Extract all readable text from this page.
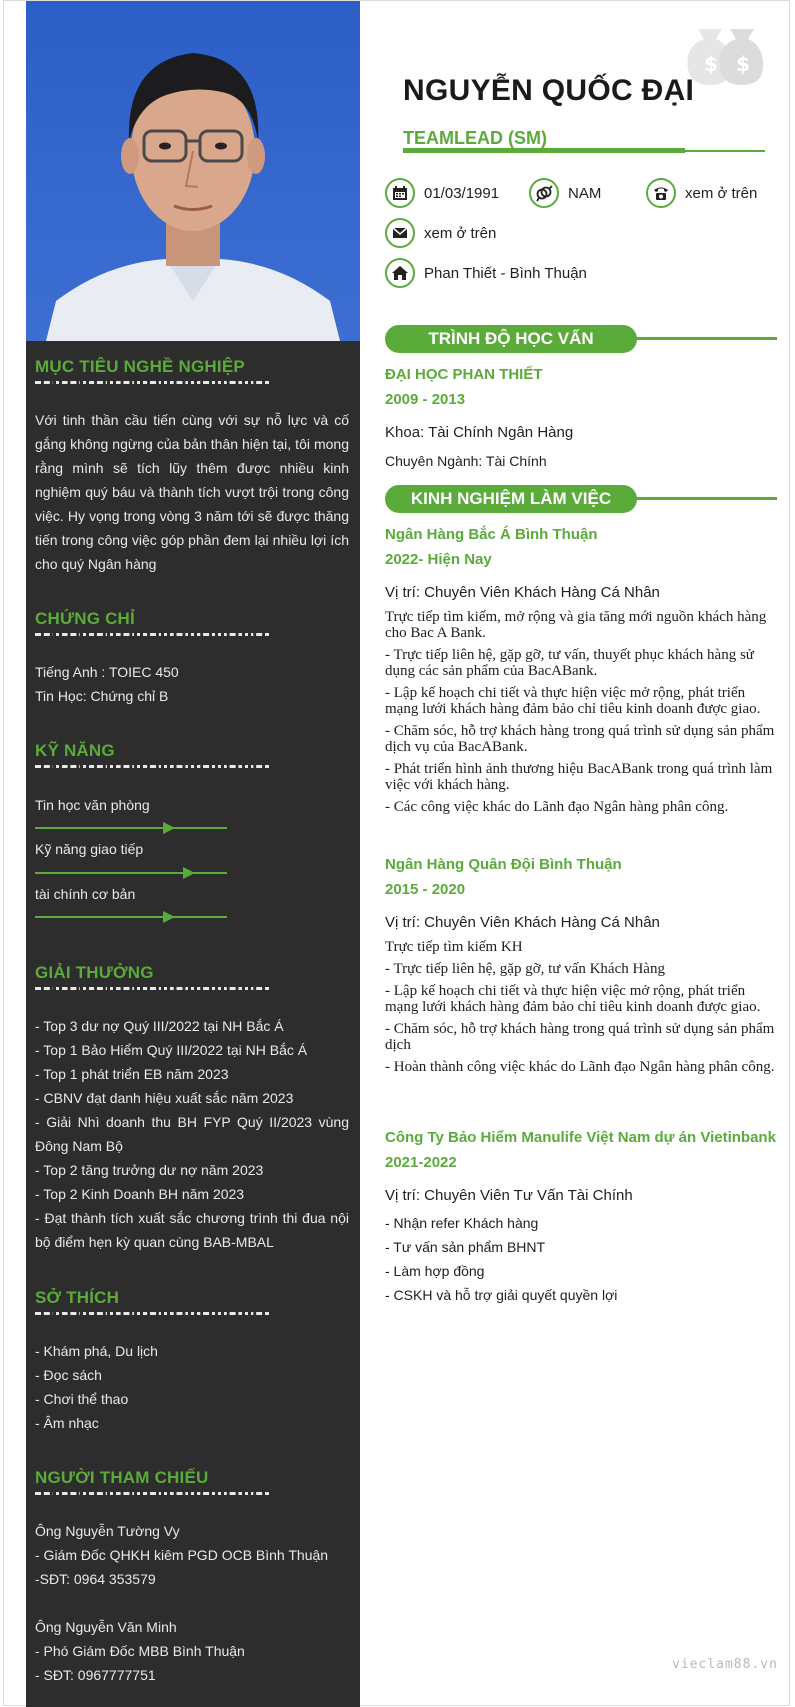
MỤC TIÊU NGHỀ NGHIỆP
Với tinh thần cầu tiến cùng với sự nỗ lực và cố gắng không ngừng của bản thân hiện tại, tôi mong rằng mình sẽ tích lũy thêm được nhiều kinh nghiệm quý báu và thành tích vượt trội trong công việc. Hy vọng trong vòng 3 năm tới sẽ được thăng tiến trong công việc góp phần đem lại nhiều lợi ích cho quý Ngân hàng
CHỨNG CHỈ
Tiếng Anh : TOIEC 450
Tin Học: Chứng chỉ B
KỸ NĂNG
Tin học văn phòng
Kỹ năng giao tiếp
tài chính cơ bản
GIẢI THƯỞNG
- Top 3 dư nợ Quý III/2022 tại NH Bắc Á
- Top 1 Bảo Hiểm Quý III/2022 tại NH Bắc Á
- Top 1 phát triển EB năm 2023
- CBNV đạt danh hiệu xuất sắc năm 2023
- Giải Nhì doanh thu BH FYP Quý II/2023 vùng Đông Nam Bộ
- Top 2 tăng trưởng dư nợ năm 2023
- Top 2 Kinh Doanh BH năm 2023
- Đạt thành tích xuất sắc chương trình thi đua nội bộ điểm hẹn kỳ quan cùng BAB-MBAL
SỞ THÍCH
- Khám phá, Du lịch
- Đọc sách
- Chơi thể thao
- Âm nhạc
NGƯỜI THAM CHIẾU
Ông Nguyễn Tường Vy
- Giám Đốc QHKH kiêm PGD OCB Bình Thuận
-SĐT: 0964 353579
Ông Nguyễn Văn Minh
- Phó Giám Đốc MBB Bình Thuận
- SĐT: 0967777751
$ $
NGUYỄN QUỐC ĐẠI
TEAMLEAD (SM)
01/03/1991	NAM	xem ở trên
xem ở trên
Phan Thiết - Bình Thuận
TRÌNH ĐỘ HỌC VẤN
ĐẠI HỌC PHAN THIẾT
2009 - 2013
Khoa: Tài Chính Ngân Hàng
Chuyên Ngành: Tài Chính
KINH NGHIỆM LÀM VIỆC
Ngân Hàng Bắc Á Bình Thuận
2022- Hiện Nay
Vị trí: Chuyên Viên Khách Hàng Cá Nhân
Trực tiếp tìm kiếm, mở rộng và gia tăng mới nguồn khách hàng cho Bac A Bank.
- Trực tiếp liên hệ, gặp gỡ, tư vấn, thuyết phục khách hàng sử dụng các sản phẩm của BacABank.
- Lập kế hoạch chi tiết và thực hiện việc mở rộng, phát triển mạng lưới khách hàng đảm bảo chỉ tiêu kinh doanh được giao.
- Chăm sóc, hỗ trợ khách hàng trong quá trình sử dụng sản phẩm dịch vụ của BacABank.
- Phát triển hình ảnh thương hiệu BacABank trong quá trình làm việc với khách hàng.
- Các công việc khác do Lãnh đạo Ngân hàng phân công.
Ngân Hàng Quân Đội Bình Thuận
2015 - 2020
Vị trí: Chuyên Viên Khách Hàng Cá Nhân
Trực tiếp tìm kiếm KH
- Trực tiếp liên hệ, gặp gỡ, tư vấn Khách Hàng
- Lập kế hoạch chi tiết và thực hiện việc mở rộng, phát triển mạng lưới khách hàng đảm bảo chỉ tiêu kinh doanh được giao.
- Chăm sóc, hỗ trợ khách hàng trong quá trình sử dụng sản phẩm dịch
- Hoàn thành công việc khác do Lãnh đạo Ngân hàng phân công.
Công Ty Bảo Hiểm Manulife Việt Nam dự án Vietinbank
2021-2022
Vị trí: Chuyên Viên Tư Vấn Tài Chính
- Nhận refer Khách hàng
- Tư vấn sản phẩm BHNT
- Làm hợp đồng
- CSKH và hỗ trợ giải quyết quyền lợi
vieclam88.vn
